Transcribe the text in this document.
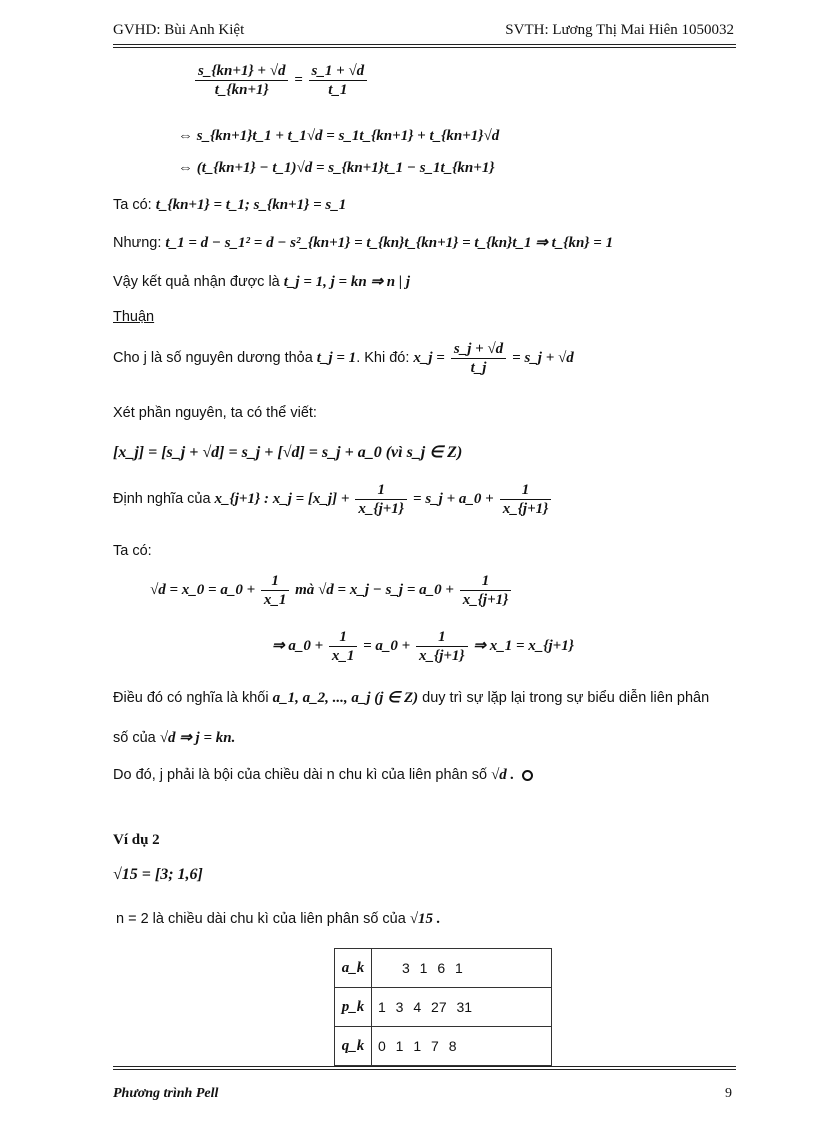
GVHD: Bùi Anh Kiệt	SVTH: Lương Thị Mai Hiên 1050032
$\frac{s\_\{kn+1\} + √d}{t\_\{kn+1\}} = \frac{s\_1 + √d}{t\_1}$
⇔ s_{kn+1}t_1 + t_1√d = s_1t_{kn+1} + t_{kn+1}√d
⇔ (t_{kn+1} − t_1)√d = s_{kn+1}t_1 − s_1t_{kn+1}
Ta có: t_{kn+1} = t_1; s_{kn+1} = s_1
Nhưng: t_1 = d − s_1² = d − s²_{kn+1} = t_{kn}t_{kn+1} = t_{kn}t_1 ⇒ t_{kn} = 1
Vậy kết quả nhận được là t_j = 1, j = kn ⇒ n | j
Thuận
Cho j là số nguyên dương thỏa t_j = 1. Khi đó: x_j = $\frac{s\_j + √d}{t\_j}$ = s_j + √d
Xét phần nguyên, ta có thể viết:
[x_j] = [s_j + √d] = s_j + [√d] = s_j + a_0 (vì s_j ∈ Z)
Định nghĩa của x_{j+1} : x_j = [x_j] + $\frac{1}{x\_\{j+1\}}$ = s_j + a_0 + $\frac{1}{x\_\{j+1\}}$
Ta có:
√d = x_0 = a_0 + $\frac{1}{x\_1}$ mà √d = x_j − s_j = a_0 + $\frac{1}{x\_\{j+1\}}$
⇒ a_0 + $\frac{1}{x\_1}$ = a_0 + $\frac{1}{x\_\{j+1\}}$ ⇒ x_1 = x_{j+1}
Điều đó có nghĩa là khối a_1, a_2, ..., a_j (j ∈ Z) duy trì sự lặp lại trong sự biểu diễn liên phân
số của √d ⇒ j = kn.
Do đó, j phải là bội của chiều dài n chu kì của liên phân số √d .
Ví dụ 2
√15 = [3; 1,6]
n = 2 là chiều dài chu kì của liên phân số của √15 .
a_k	3 1 6 1
p_k	1 3 4 27 31
q_k	0 1 1 7 8
Phương trình Pell	9
